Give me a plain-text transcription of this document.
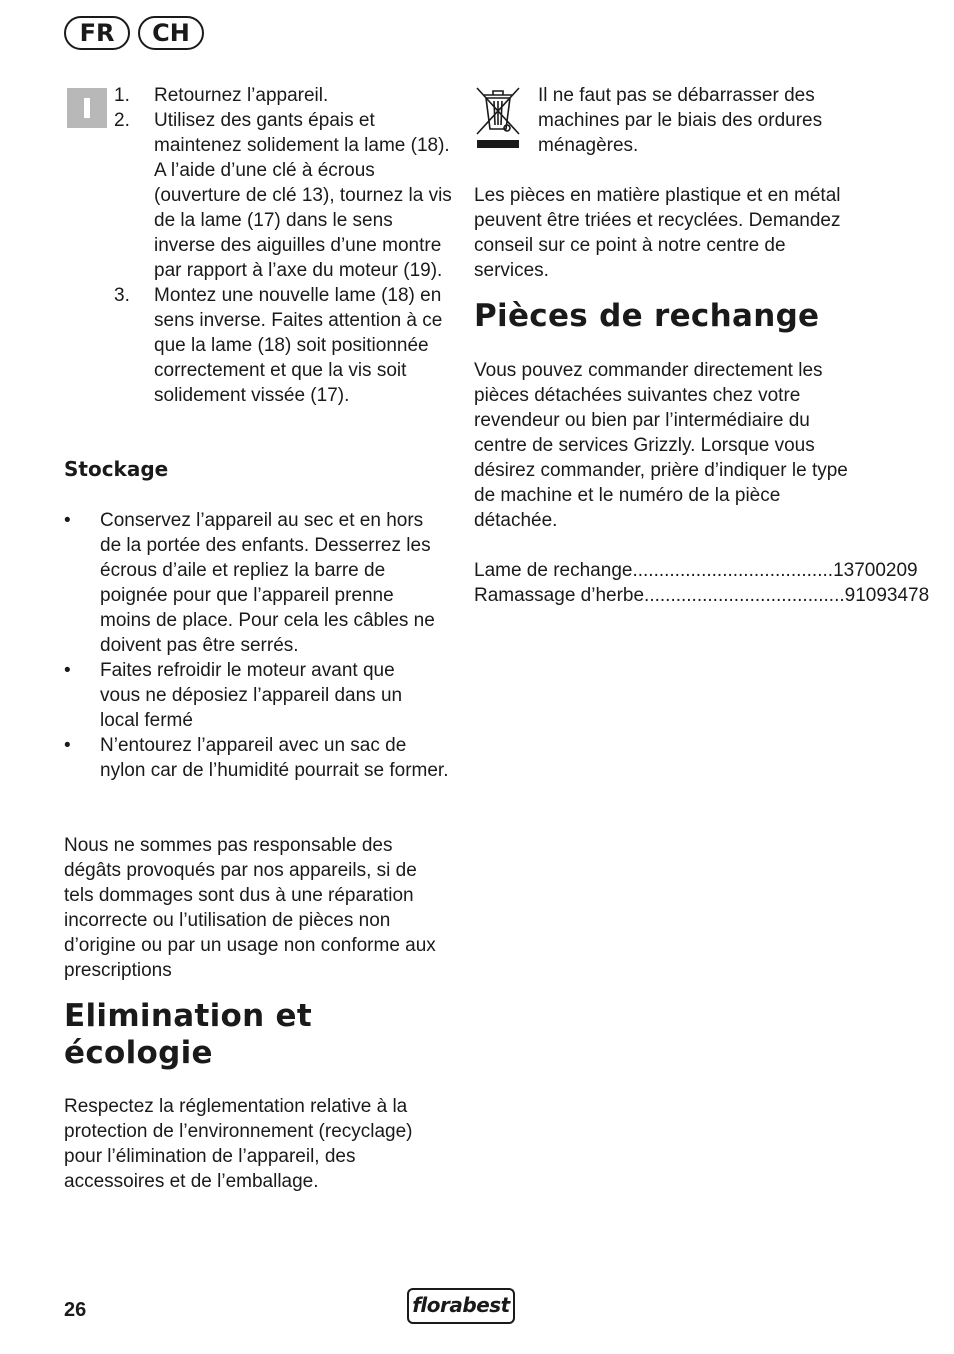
FR	CH
1.	Retournez l’appareil.
2.	Utilisez des gants épais et maintenez solidement la lame (18). A l’aide d’une clé à écrous (ouverture de clé 13), tournez la vis de la lame (17) dans le sens inverse des aiguilles d’une montre par rapport à l’axe du moteur (19).
3.	Montez une nouvelle lame (18) en sens inverse. Faites attention à ce que la lame (18) soit positionnée correctement et que la vis soit solidement vissée (17).
Stockage
•	Conservez l’appareil au sec et en hors de la portée des enfants. Desserrez les écrous d’aile et repliez la barre de poignée pour que l’appareil prenne moins de place. Pour cela les câbles ne doivent pas être serrés.
•	Faites refroidir le moteur avant que vous ne déposiez l’appareil dans un local fermé
•	N’entourez l’appareil avec un sac de nylon car de l’humidité pourrait se former.

Nous ne sommes pas responsable des dégâts provoqués par nos appareils, si de tels dommages sont dus à une réparation incorrecte ou l’utilisation de pièces non d’origine ou par un usage non conforme aux prescriptions

Elimination et écologie

Respectez la réglementation relative à la protection de l’environnement (recyclage) pour l’élimination de l’appareil, des accessoires et de l’emballage.

Il ne faut pas se débarrasser des machines par le biais des ordures ménagères.

Les pièces en matière plastique et en métal peuvent être triées et recyclées. Demandez conseil sur ce point à notre centre de services.

Pièces de rechange

Vous pouvez commander directement les pièces détachées suivantes chez votre revendeur ou bien par l’intermédiaire du centre de services Grizzly. Lorsque vous désirez commander, prière d’indiquer le type de machine et le numéro de la pièce détachée.

Lame de rechange ...................................... 13700209
Ramassage d’herbe ...................................... 91093478
26	florabest
